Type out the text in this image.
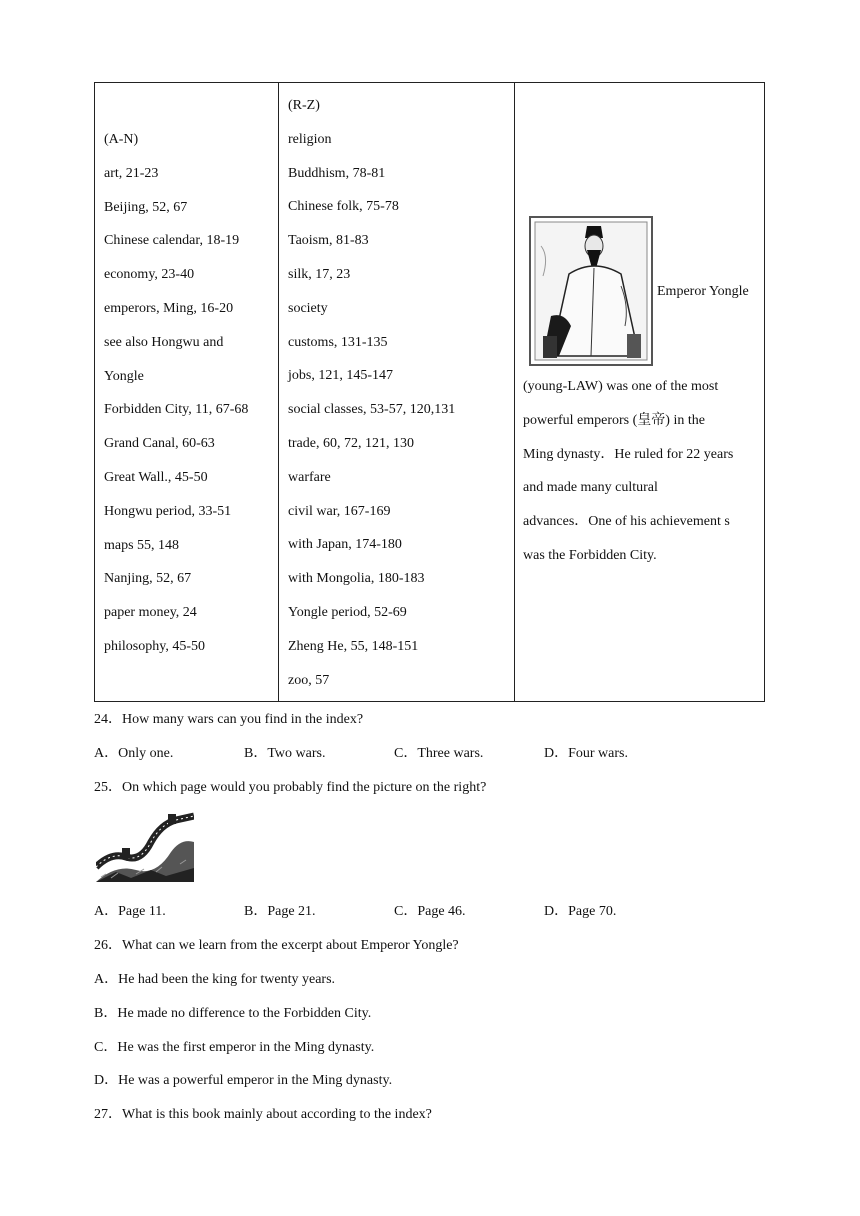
(A-N)
art, 21-23
Beijing, 52, 67
Chinese calendar, 18-19
economy, 23-40
emperors, Ming, 16-20
see also Hongwu and
Yongle
Forbidden City, 11, 67-68
Grand Canal, 60-63
Great Wall., 45-50
Hongwu period, 33-51
maps 55, 148
Nanjing, 52, 67
paper money, 24
philosophy, 45-50
(R-Z)
religion
Buddhism, 78-81
Chinese folk, 75-78
Taoism, 81-83
silk, 17, 23
society
customs, 131-135
jobs, 121, 145-147
social classes, 53-57, 120,131
trade, 60, 72, 121, 130
warfare
civil war, 167-169
with Japan, 174-180
with Mongolia, 180-183
Yongle period, 52-69
Zheng He, 55, 148-151
zoo, 57
Emperor Yongle
(young-LAW) was one of the most
powerful emperors (皇帝) in the
Ming dynasty．He ruled for 22 years
and made many cultural
advances．One of his achievement s
was the Forbidden City.
24．How many wars can you find in the index?
A．Only one.	B．Two wars.	C．Three wars.	D．Four wars.
25．On which page would you probably find the picture on the right?
A．Page 11.	B．Page 21.	C．Page 46.	D．Page 70.
26．What can we learn from the excerpt about Emperor Yongle?
A．He had been the king for twenty years.
B．He made no difference to the Forbidden City.
C．He was the first emperor in the Ming dynasty.
D．He was a powerful emperor in the Ming dynasty.
27．What is this book mainly about according to the index?
